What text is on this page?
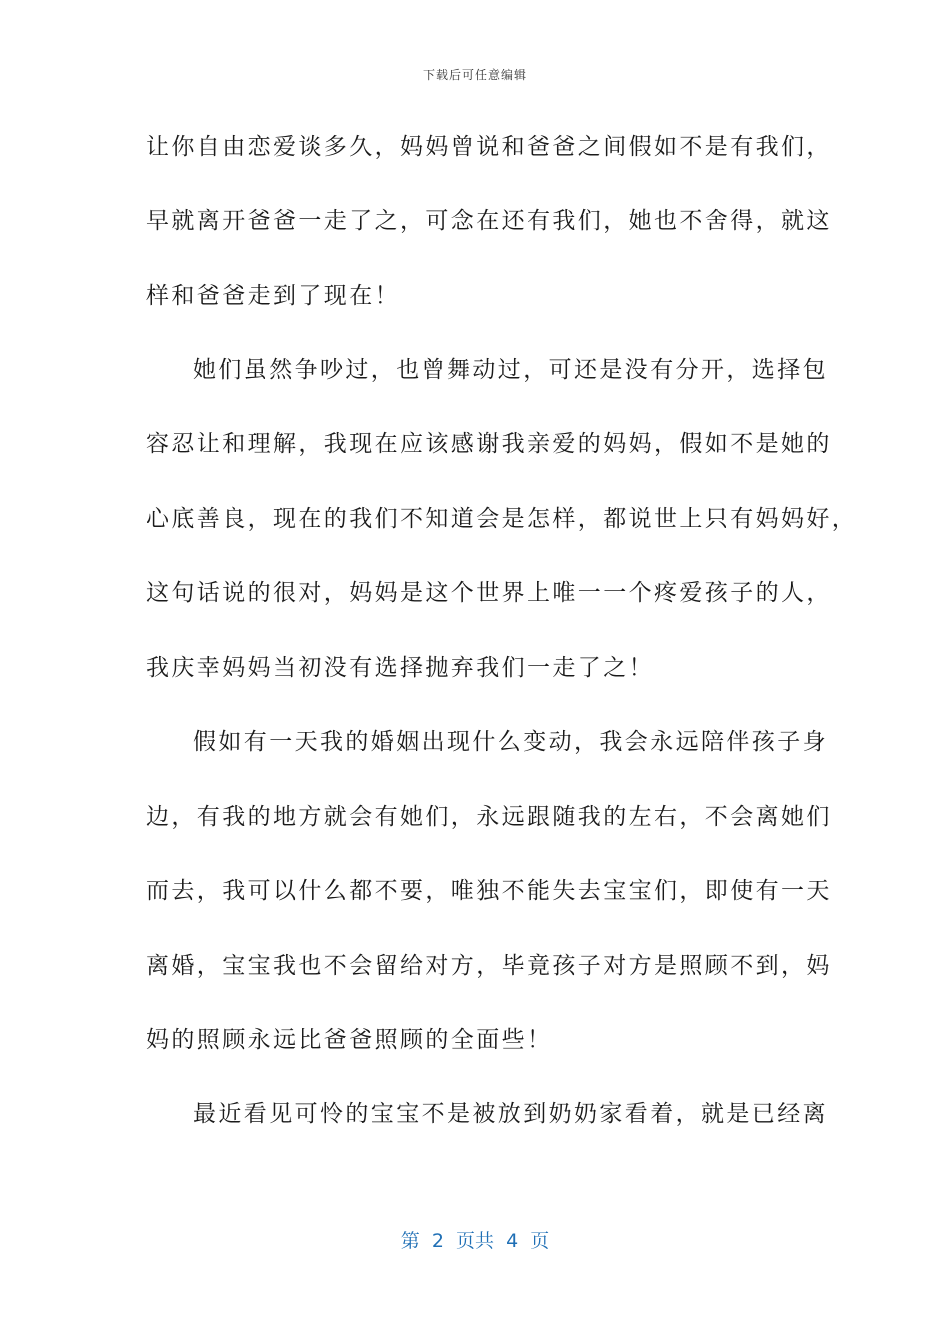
下载后可任意编辑
让你自由恋爱谈多久，妈妈曾说和爸爸之间假如不是有我们，
早就离开爸爸一走了之，可念在还有我们，她也不舍得，就这
样和爸爸走到了现在！
她们虽然争吵过，也曾舞动过，可还是没有分开，选择包
容忍让和理解，我现在应该感谢我亲爱的妈妈，假如不是她的
心底善良，现在的我们不知道会是怎样，都说世上只有妈妈好，
这句话说的很对，妈妈是这个世界上唯一一个疼爱孩子的人，
我庆幸妈妈当初没有选择抛弃我们一走了之！
假如有一天我的婚姻出现什么变动，我会永远陪伴孩子身
边，有我的地方就会有她们，永远跟随我的左右，不会离她们
而去，我可以什么都不要，唯独不能失去宝宝们，即使有一天
离婚，宝宝我也不会留给对方，毕竟孩子对方是照顾不到，妈
妈的照顾永远比爸爸照顾的全面些！
最近看见可怜的宝宝不是被放到奶奶家看着，就是已经离
第  2  页共  4  页
